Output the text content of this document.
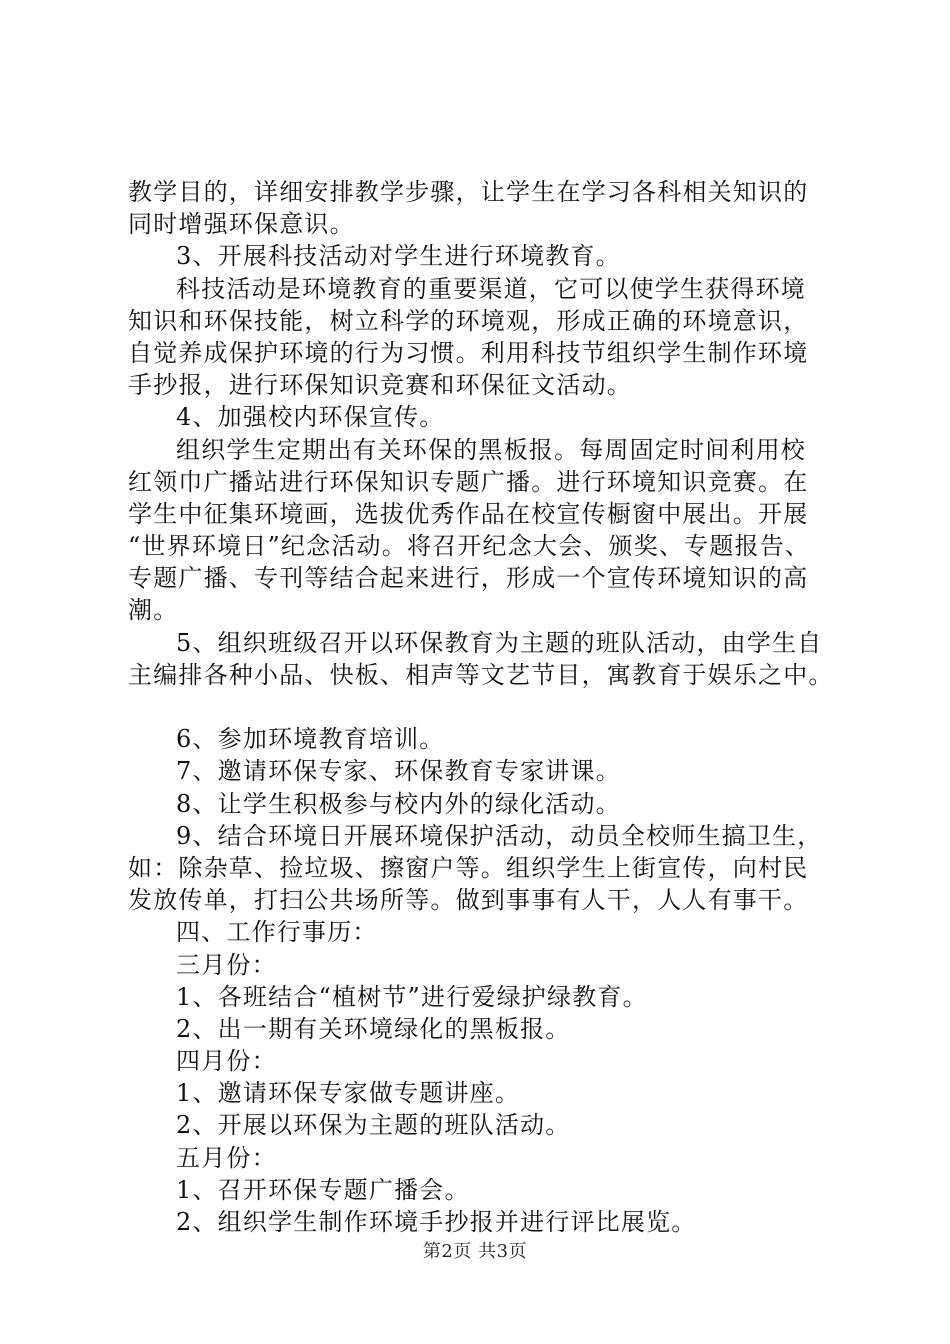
教学目的，详细安排教学步骤，让学生在学习各科相关知识的
同时增强环保意识。
3、开展科技活动对学生进行环境教育。
科技活动是环境教育的重要渠道，它可以使学生获得环境
知识和环保技能，树立科学的环境观，形成正确的环境意识，
自觉养成保护环境的行为习惯。利用科技节组织学生制作环境
手抄报，进行环保知识竞赛和环保征文活动。
4、加强校内环保宣传。
组织学生定期出有关环保的黑板报。每周固定时间利用校
红领巾广播站进行环保知识专题广播。进行环境知识竞赛。在
学生中征集环境画，选拔优秀作品在校宣传橱窗中展出。开展
“世界环境日”纪念活动。将召开纪念大会、颁奖、专题报告、
专题广播、专刊等结合起来进行，形成一个宣传环境知识的高
潮。
5、组织班级召开以环保教育为主题的班队活动，由学生自
主编排各种小品、快板、相声等文艺节目，寓教育于娱乐之中。
6、参加环境教育培训。
7、邀请环保专家、环保教育专家讲课。
8、让学生积极参与校内外的绿化活动。
9、结合环境日开展环境保护活动，动员全校师生搞卫生，
如：除杂草、捡垃圾、擦窗户等。组织学生上街宣传，向村民
发放传单，打扫公共场所等。做到事事有人干，人人有事干。
四、工作行事历：
三月份：
1、各班结合“植树节”进行爱绿护绿教育。
2、出一期有关环境绿化的黑板报。
四月份：
1、邀请环保专家做专题讲座。
2、开展以环保为主题的班队活动。
五月份：
1、召开环保专题广播会。
2、组织学生制作环境手抄报并进行评比展览。
第2页 共3页
